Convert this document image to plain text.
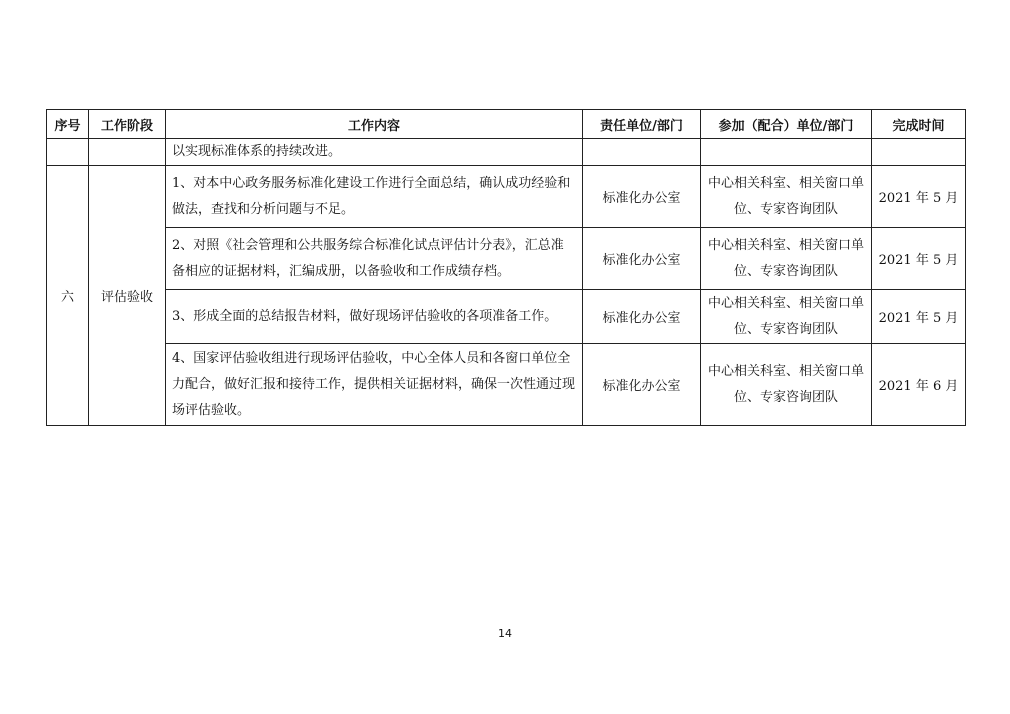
序号	工作阶段	工作内容	责任单位/部门	参加（配合）单位/部门	完成时间
		以实现标准体系的持续改进。			
六	评估验收	1、对本中心政务服务标准化建设工作进行全面总结，确认成功经验和做法，查找和分析问题与不足。	标准化办公室	中心相关科室、相关窗口单位、专家咨询团队	2021 年 5 月
		2、对照《社会管理和公共服务综合标准化试点评估计分表》，汇总准备相应的证据材料，汇编成册，以备验收和工作成绩存档。	标准化办公室	中心相关科室、相关窗口单位、专家咨询团队	2021 年 5 月
		3、形成全面的总结报告材料，做好现场评估验收的各项准备工作。	标准化办公室	中心相关科室、相关窗口单位、专家咨询团队	2021 年 5 月
		4、国家评估验收组进行现场评估验收，中心全体人员和各窗口单位全力配合，做好汇报和接待工作，提供相关证据材料，确保一次性通过现场评估验收。	标准化办公室	中心相关科室、相关窗口单位、专家咨询团队	2021 年 6 月
14
